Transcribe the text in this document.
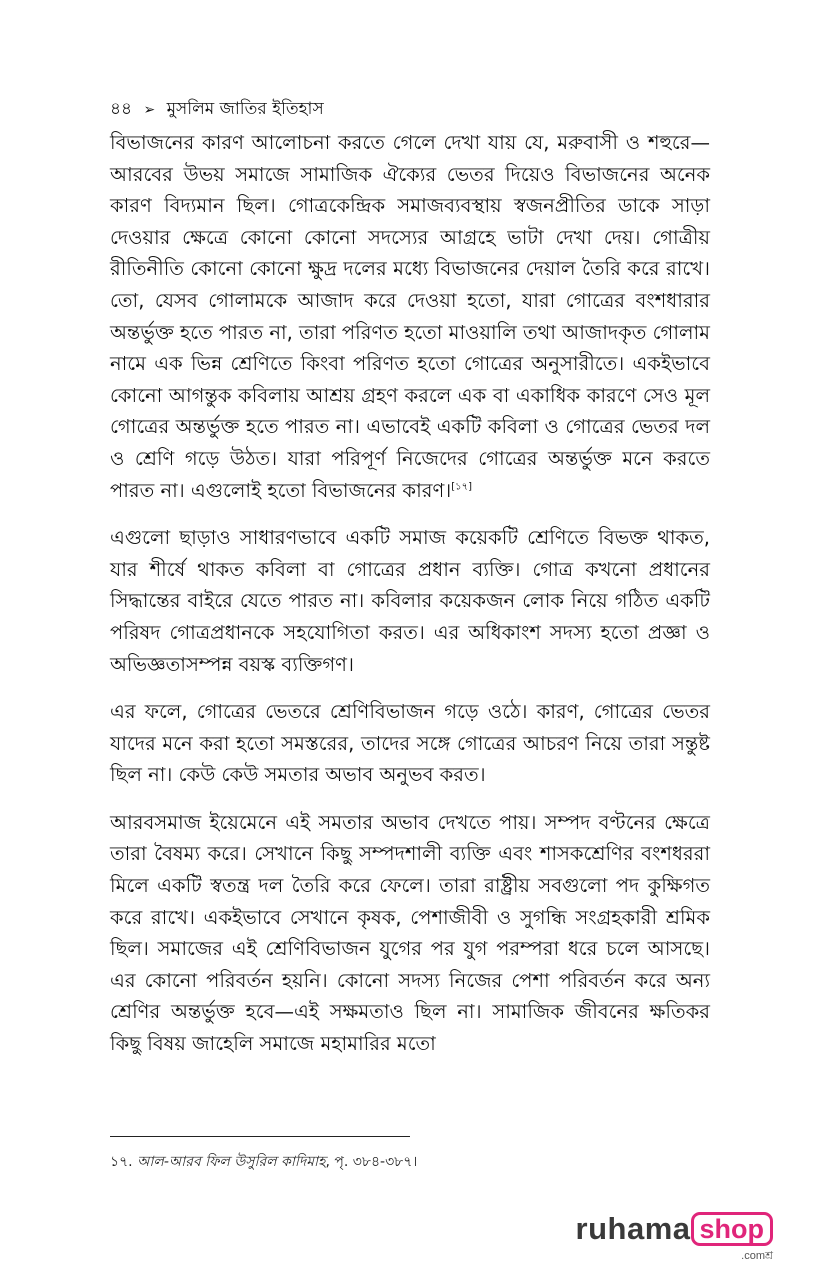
৪৪ ➢ মুসলিম জাতির ইতিহাস

বিভাজনের কারণ আলোচনা করতে গেলে দেখা যায় যে, মরুবাসী ও শহুরে—আরবের উভয় সমাজে সামাজিক ঐক্যের ভেতর দিয়েও বিভাজনের অনেক কারণ বিদ্যমান ছিল। গোত্রকেন্দ্রিক সমাজব্যবস্থায় স্বজনপ্রীতির ডাকে সাড়া দেওয়ার ক্ষেত্রে কোনো কোনো সদস্যের আগ্রহে ভাটা দেখা দেয়। গোত্রীয় রীতিনীতি কোনো কোনো ক্ষুদ্র দলের মধ্যে বিভাজনের দেয়াল তৈরি করে রাখে। তো, যেসব গোলামকে আজাদ করে দেওয়া হতো, যারা গোত্রের বংশধারার অন্তর্ভুক্ত হতে পারত না, তারা পরিণত হতো মাওয়ালি তথা আজাদকৃত গোলাম নামে এক ভিন্ন শ্রেণিতে কিংবা পরিণত হতো গোত্রের অনুসারীতে। একইভাবে কোনো আগন্তুক কবিলায় আশ্রয় গ্রহণ করলে এক বা একাধিক কারণে সেও মূল গোত্রের অন্তর্ভুক্ত হতে পারত না। এভাবেই একটি কবিলা ও গোত্রের ভেতর দল ও শ্রেণি গড়ে উঠত। যারা পরিপূর্ণ নিজেদের গোত্রের অন্তর্ভুক্ত মনে করতে পারত না। এগুলোই হতো বিভাজনের কারণ।[১৭]

এগুলো ছাড়াও সাধারণভাবে একটি সমাজ কয়েকটি শ্রেণিতে বিভক্ত থাকত, যার শীর্ষে থাকত কবিলা বা গোত্রের প্রধান ব্যক্তি। গোত্র কখনো প্রধানের সিদ্ধান্তের বাইরে যেতে পারত না। কবিলার কয়েকজন লোক নিয়ে গঠিত একটি পরিষদ গোত্রপ্রধানকে সহযোগিতা করত। এর অধিকাংশ সদস্য হতো প্রজ্ঞা ও অভিজ্ঞতাসম্পন্ন বয়স্ক ব্যক্তিগণ।

এর ফলে, গোত্রের ভেতরে শ্রেণিবিভাজন গড়ে ওঠে। কারণ, গোত্রের ভেতর যাদের মনে করা হতো সমস্তরের, তাদের সঙ্গে গোত্রের আচরণ নিয়ে তারা সন্তুষ্ট ছিল না। কেউ কেউ সমতার অভাব অনুভব করত।

আরবসমাজ ইয়েমেনে এই সমতার অভাব দেখতে পায়। সম্পদ বণ্টনের ক্ষেত্রে তারা বৈষম্য করে। সেখানে কিছু সম্পদশালী ব্যক্তি এবং শাসকশ্রেণির বংশধররা মিলে একটি স্বতন্ত্র দল তৈরি করে ফেলে। তারা রাষ্ট্রীয় সবগুলো পদ কুক্ষিগত করে রাখে। একইভাবে সেখানে কৃষক, পেশাজীবী ও সুগন্ধি সংগ্রহকারী শ্রমিক ছিল। সমাজের এই শ্রেণিবিভাজন যুগের পর যুগ পরম্পরা ধরে চলে আসছে। এর কোনো পরিবর্তন হয়নি। কোনো সদস্য নিজের পেশা পরিবর্তন করে অন্য শ্রেণির অন্তর্ভুক্ত হবে—এই সক্ষমতাও ছিল না। সামাজিক জীবনের ক্ষতিকর কিছু বিষয় জাহেলি সমাজে মহামারির মতো

১৭. আল-আরব ফিল উসুরিল কাদিমাহ, পৃ. ৩৮৪-৩৮৭।
ruhama shop
.comশ্র
